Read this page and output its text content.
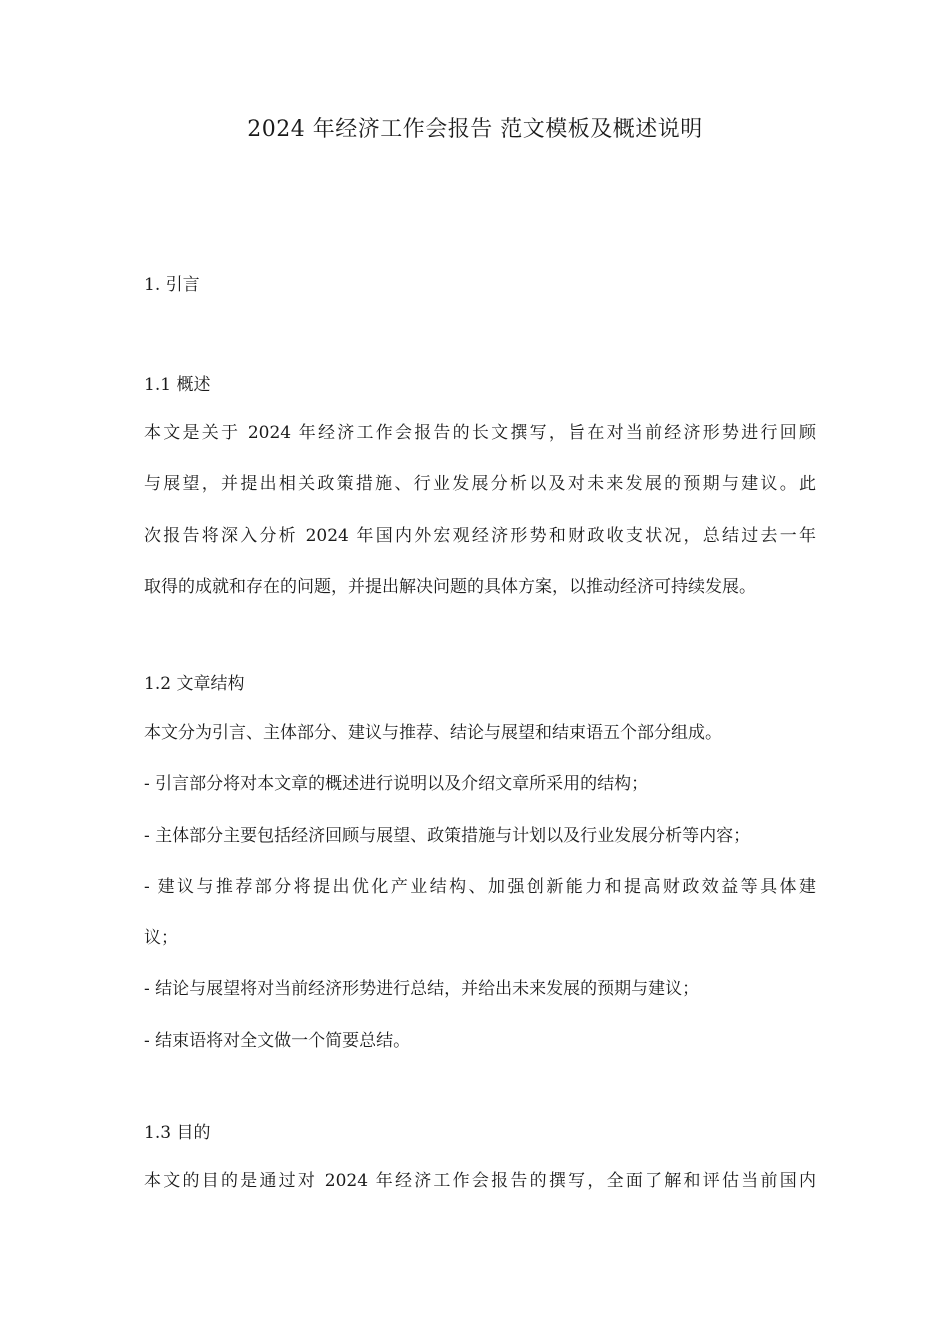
2024 年经济工作会报告 范文模板及概述说明
1. 引言
1.1 概述
本文是关于 2024 年经济工作会报告的长文撰写，旨在对当前经济形势进行回顾
与展望，并提出相关政策措施、行业发展分析以及对未来发展的预期与建议。此
次报告将深入分析 2024 年国内外宏观经济形势和财政收支状况，总结过去一年
取得的成就和存在的问题，并提出解决问题的具体方案，以推动经济可持续发展。
1.2 文章结构
本文分为引言、主体部分、建议与推荐、结论与展望和结束语五个部分组成。
- 引言部分将对本文章的概述进行说明以及介绍文章所采用的结构；
- 主体部分主要包括经济回顾与展望、政策措施与计划以及行业发展分析等内容；
- 建议与推荐部分将提出优化产业结构、加强创新能力和提高财政效益等具体建
议；
- 结论与展望将对当前经济形势进行总结，并给出未来发展的预期与建议；
- 结束语将对全文做一个简要总结。
1.3 目的
本文的目的是通过对 2024 年经济工作会报告的撰写，全面了解和评估当前国内
